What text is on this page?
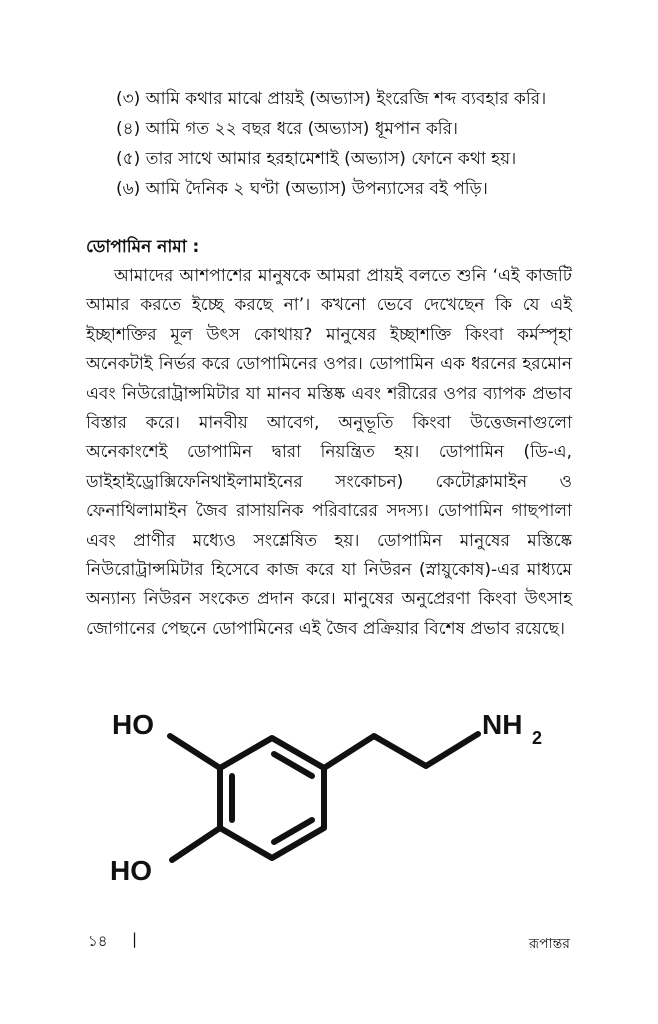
(৩) আমি কথার মাঝে প্রায়ই (অভ্যাস) ইংরেজি শব্দ ব্যবহার করি।
(৪) আমি গত ২২ বছর ধরে (অভ্যাস) ধূমপান করি।
(৫) তার সাথে আমার হরহামেশাই (অভ্যাস) ফোনে কথা হয়।
(৬) আমি দৈনিক ২ ঘণ্টা (অভ্যাস) উপন্যাসের বই পড়ি।
ডোপামিন নামা :
আমাদের আশপাশের মানুষকে আমরা প্রায়ই বলতে শুনি ‘এই কাজটি আমার করতে ইচ্ছে করছে না’। কখনো ভেবে দেখেছেন কি যে এই ইচ্ছাশক্তির মূল উৎস কোথায়? মানুষের ইচ্ছাশক্তি কিংবা কর্মস্পৃহা অনেকটাই নির্ভর করে ডোপামিনের ওপর। ডোপামিন এক ধরনের হরমোন এবং নিউরোট্রান্সমিটার যা মানব মস্তিষ্ক এবং শরীরের ওপর ব্যাপক প্রভাব বিস্তার করে। মানবীয় আবেগ, অনুভূতি কিংবা উত্তেজনাগুলো অনেকাংশেই ডোপামিন দ্বারা নিয়ন্ত্রিত হয়। ডোপামিন (ডি-এ, ডাইহাইড্রোক্সিফেনিথাইলামাইনের সংকোচন) কেটোক্লামাইন ও ফেনাথিলামাইন জৈব রাসায়নিক পরিবারের সদস্য। ডোপামিন গাছপালা এবং প্রাণীর মধ্যেও সংশ্লেষিত হয়। ডোপামিন মানুষের মস্তিষ্কে নিউরোট্রান্সমিটার হিসেবে কাজ করে যা নিউরন (স্নায়ুকোষ)-এর মাধ্যমে অন্যান্য নিউরন সংকেত প্রদান করে। মানুষের অনুপ্রেরণা কিংবা উৎসাহ জোগানের পেছনে ডোপামিনের এই জৈব প্রক্রিয়ার বিশেষ প্রভাব রয়েছে।
HO
HO
NH 2
১৪ |	রূপান্তর
